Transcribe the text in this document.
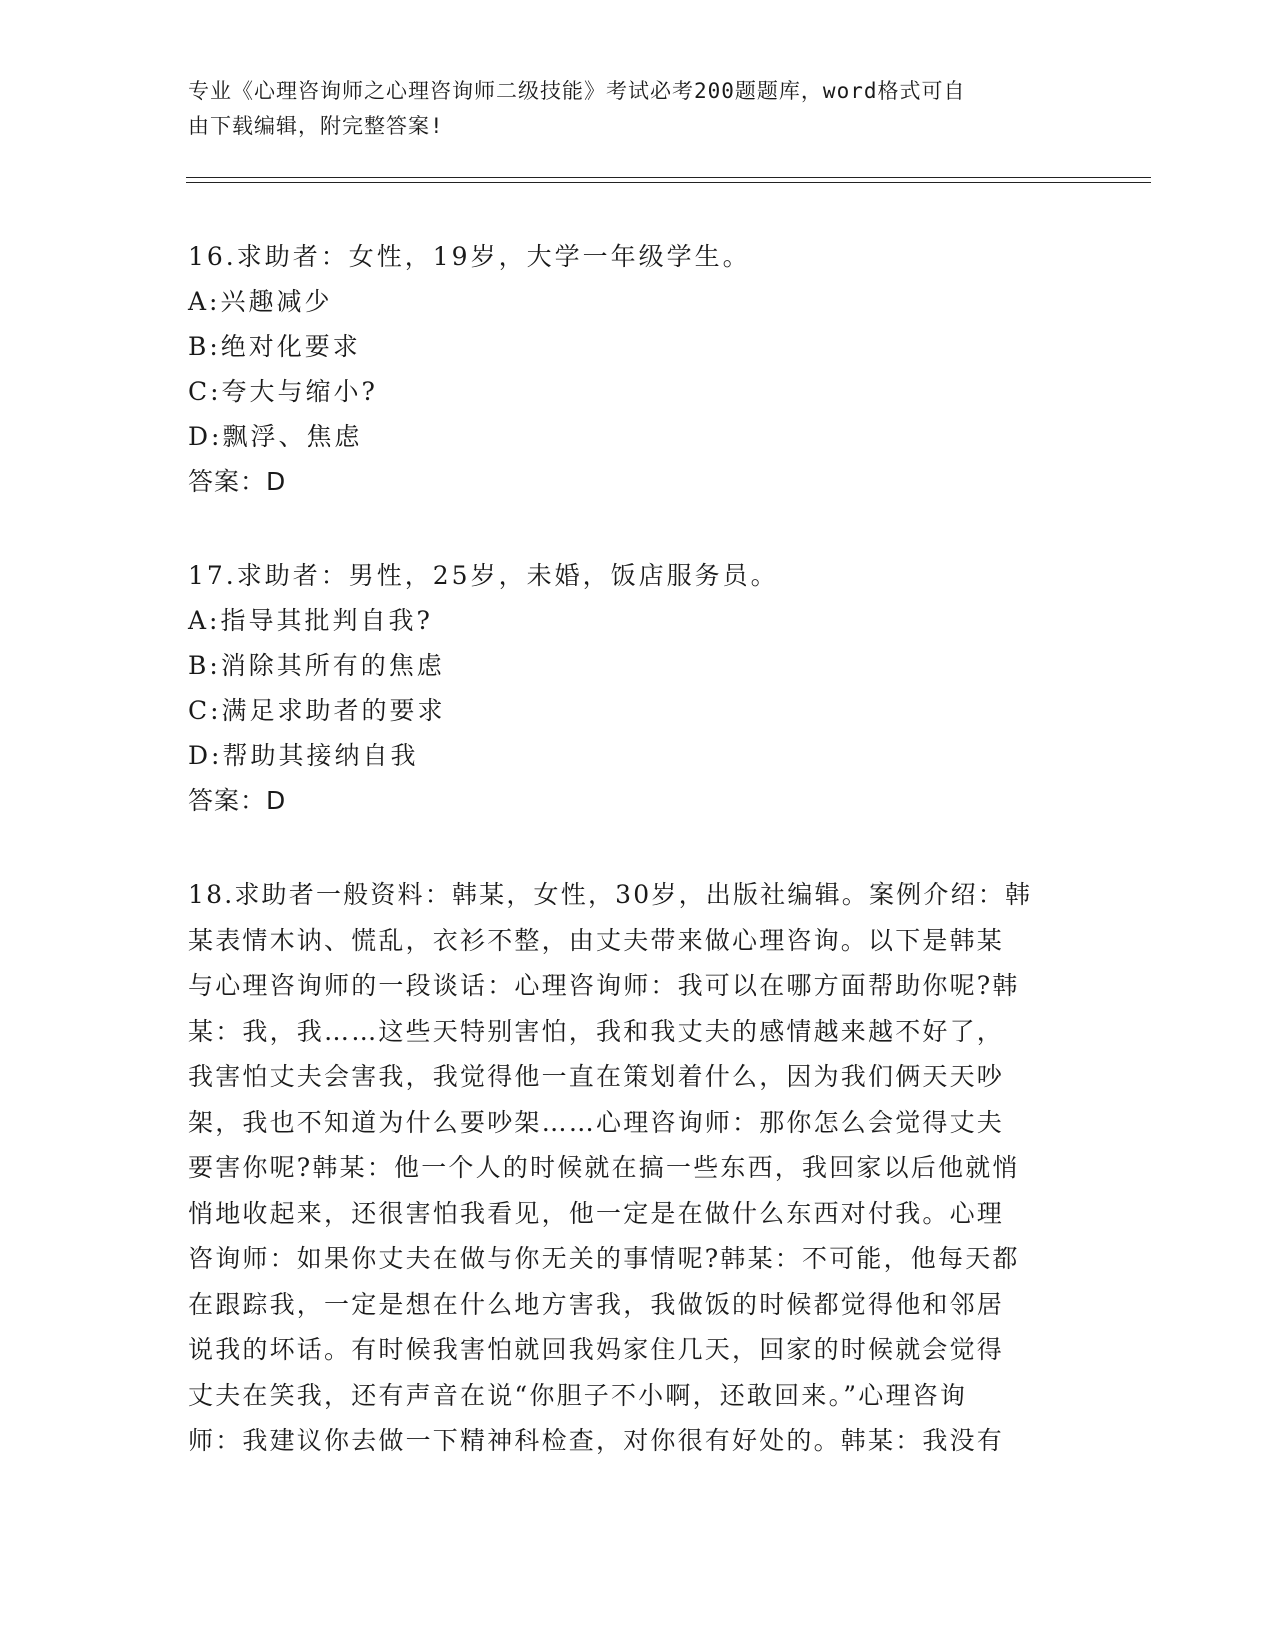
专业《心理咨询师之心理咨询师二级技能》考试必考200题题库，word格式可自
由下载编辑，附完整答案!

16.求助者：女性，19岁，大学一年级学生。

A:兴趣减少

B:绝对化要求

C:夸大与缩小?

D:飘浮、焦虑

答案：D

17.求助者：男性，25岁，未婚，饭店服务员。

A:指导其批判自我?

B:消除其所有的焦虑

C:满足求助者的要求

D:帮助其接纳自我

答案：D

18.求助者一般资料：韩某，女性，30岁，出版社编辑。案例介绍：韩
某表情木讷、慌乱，衣衫不整，由丈夫带来做心理咨询。以下是韩某
与心理咨询师的一段谈话：心理咨询师：我可以在哪方面帮助你呢?韩
某：我，我……这些天特别害怕，我和我丈夫的感情越来越不好了，
我害怕丈夫会害我，我觉得他一直在策划着什么，因为我们俩天天吵
架，我也不知道为什么要吵架……心理咨询师：那你怎么会觉得丈夫
要害你呢?韩某：他一个人的时候就在搞一些东西，我回家以后他就悄
悄地收起来，还很害怕我看见，他一定是在做什么东西对付我。心理
咨询师：如果你丈夫在做与你无关的事情呢?韩某：不可能，他每天都
在跟踪我，一定是想在什么地方害我，我做饭的时候都觉得他和邻居
说我的坏话。有时候我害怕就回我妈家住几天，回家的时候就会觉得
丈夫在笑我，还有声音在说“你胆子不小啊，还敢回来。”心理咨询
师：我建议你去做一下精神科检查，对你很有好处的。韩某：我没有
